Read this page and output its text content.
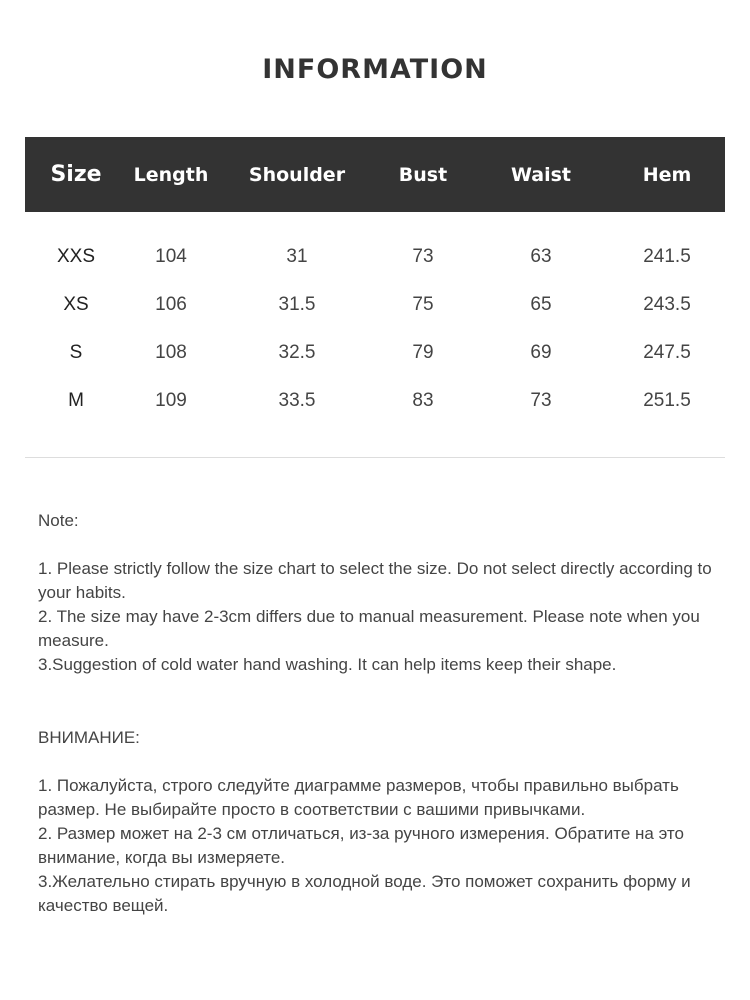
INFORMATION
Size	Length	Shoulder	Bust	Waist	Hem
XXS	104	31	73	63	241.5
XS	106	31.5	75	65	243.5
S	108	32.5	79	69	247.5
M	109	33.5	83	73	251.5

Note:

1. Please strictly follow the size chart to select the size. Do not select directly according to your habits.

2. The size may have 2-3cm differs due to manual measurement. Please note when you measure.

3.Suggestion of cold water hand washing. It can help items keep their shape.

ВНИМАНИЕ:

1. Пожалуйста, строго следуйте диаграмме размеров, чтобы правильно выбрать размер. Не выбирайте просто в соответствии с вашими привычками.

2. Размер может на 2-3 см отличаться, из-за ручного измерения. Обратите на это внимание, когда вы измеряете.

3.Желательно стирать вручную в холодной воде. Это поможет сохранить форму и качество вещей.
